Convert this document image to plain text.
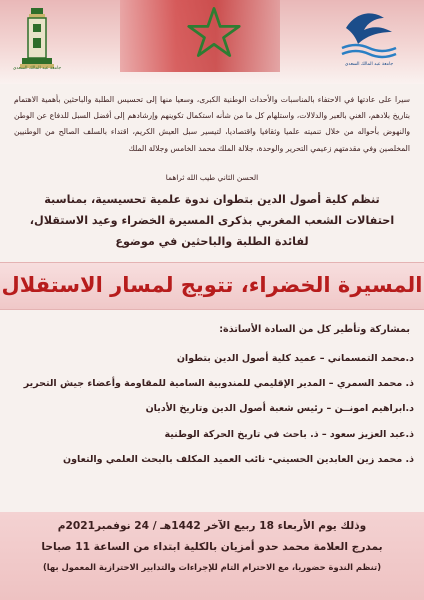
جامعة عبد المالك السعدي
جامعة عبد المالك السعدي

سيرا على عادتها في الاحتفاء بالمناسبات والأحداث الوطنية الكبرى، وسعيا منها إلى تحسيس الطلبة والباحثين بأهمية الاهتمام بتاريخ بلادهم، الغني بالعبر والدلالات، واستلهام كل ما من شأنه استكمال تكوينهم وإرشادهم إلى أفضل السبل للدفاع عن الوطن والنهوض بأحواله من خلال تنميته علميا وثقافيا واقتصاديا، لتيسير سبل العيش الكريم، اقتداء بالسلف الصالح من الوطنيين المخلصين وفي مقدمتهم زعيمي التحرير والوحدة، جلالة الملك محمد الخامس وجلالة الملك

الحسن الثاني طيب الله ثراهما

تنظم كلية أصول الدين بتطوان ندوة علمية تحسيسية، بمناسبة
احتفالات الشعب المغربي بذكرى المسيرة الخضراء وعيد الاستقلال،
لفائدة الطلبة والباحثين في موضوع
المسيرة الخضراء، تتويج لمسار الاستقلال
بمشاركة وتأطير كل من السادة الأساتذة:
د.محمد التمسماني – عميد كلية أصول الدين بتطوان
ذ. محمد السمري – المدير الإقليمي للمندوبية السامية للمقاومة وأعضاء جيش التحرير
د.ابراهيم امونــن – رئيس شعبة أصول الدين وتاريخ الأديان
ذ.عبد العزيز سعود – ذ. باحث في تاريخ الحركة الوطنية
ذ. محمد زين العابدين الحسيني- نائب العميد المكلف بالبحث العلمي والتعاون
وذلك يوم الأربعاء 18 ربيع الآخر 1442هـ / 24 نوفمبر2021م
بمدرج العلامة محمد حدو أمزيان بالكلية ابتداء من الساعة 11 صباحا
(تنظم الندوة حضوريا، مع الاحترام التام للإجراءات والتدابير الاحترازية المعمول بها)
